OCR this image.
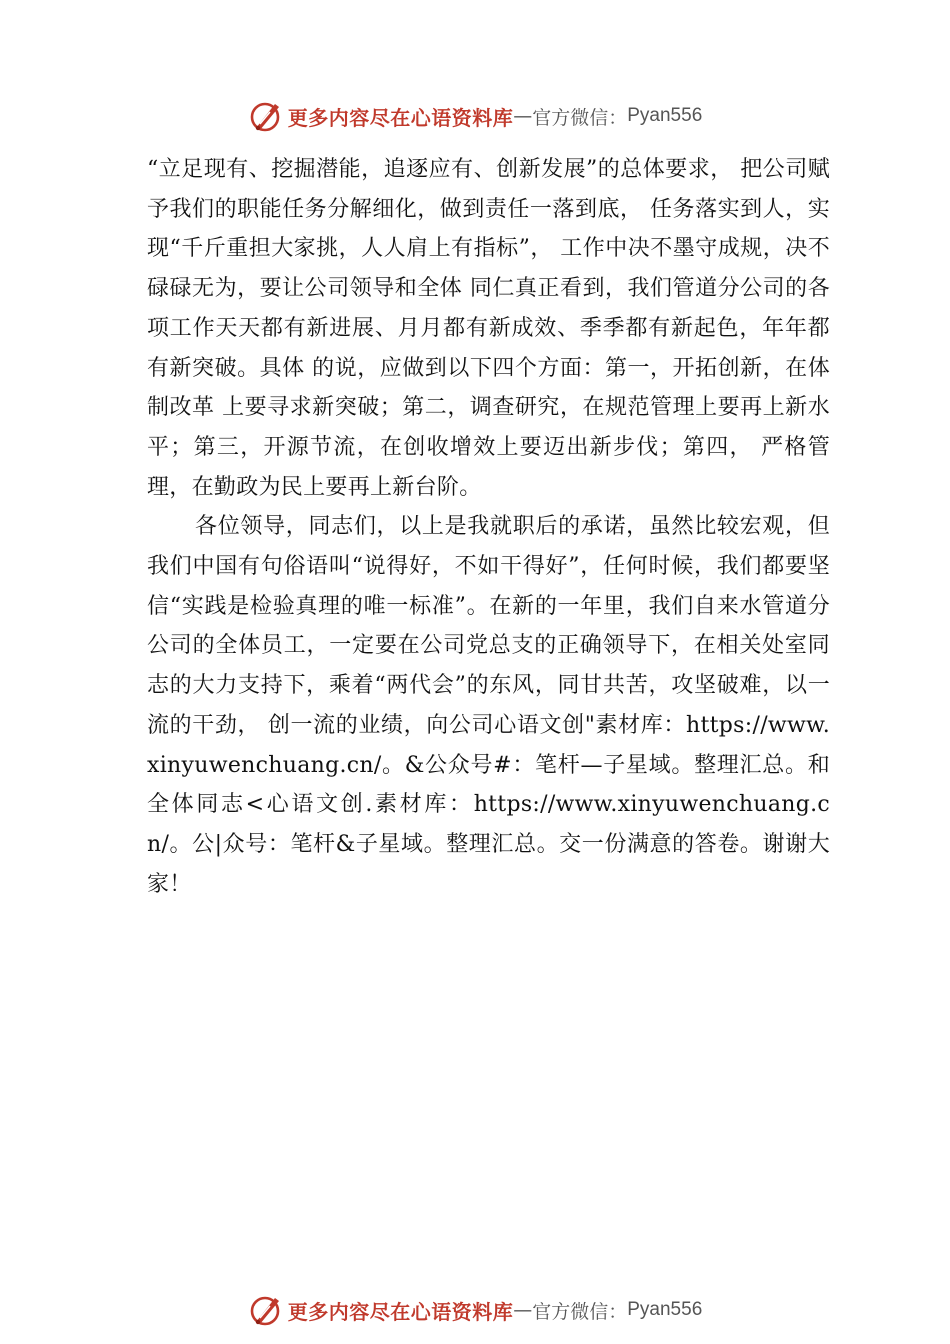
更多内容尽在心语资料库 — 官方微信： Pyan556

“立足现有、挖掘潜能，追逐应有、创新发展”的总体要求， 把公司赋予我们的职能任务分解细化，做到责任一落到底， 任务落实到人，实现“千斤重担大家挑，人人肩上有指标”， 工作中决不墨守成规，决不碌碌无为，要让公司领导和全体 同仁真正看到，我们管道分公司的各项工作天天都有新进展、月月都有新成效、季季都有新起色，年年都有新突破。具体 的说，应做到以下四个方面：第一，开拓创新，在体制改革 上要寻求新突破；第二，调查研究，在规范管理上要再上新水平；第三，开源节流，在创收增效上要迈出新步伐；第四， 严格管理，在勤政为民上要再上新台阶。

各位领导，同志们，以上是我就职后的承诺，虽然比较宏观，但我们中国有句俗语叫“说得好，不如干得好”，任何时候，我们都要坚信“实践是检验真理的唯一标准”。在新的一年里，我们自来水管道分公司的全体员工，一定要在公司党总支的正确领导下，在相关处室同志的大力支持下，乘着“两代会”的东风，同甘共苦，攻坚破难，以一流的干劲， 创一流的业绩，向公司心语文创"素材库：https://www.xinyuwenchuang.cn/。&公众号#：笔杆—子星域。整理汇总。和全体同志<心语文创.素材库：https://www.xinyuwenchuang.cn/。公|众号：笔杆&子星域。整理汇总。交一份满意的答卷。谢谢大家！

更多内容尽在心语资料库 — 官方微信： Pyan556
